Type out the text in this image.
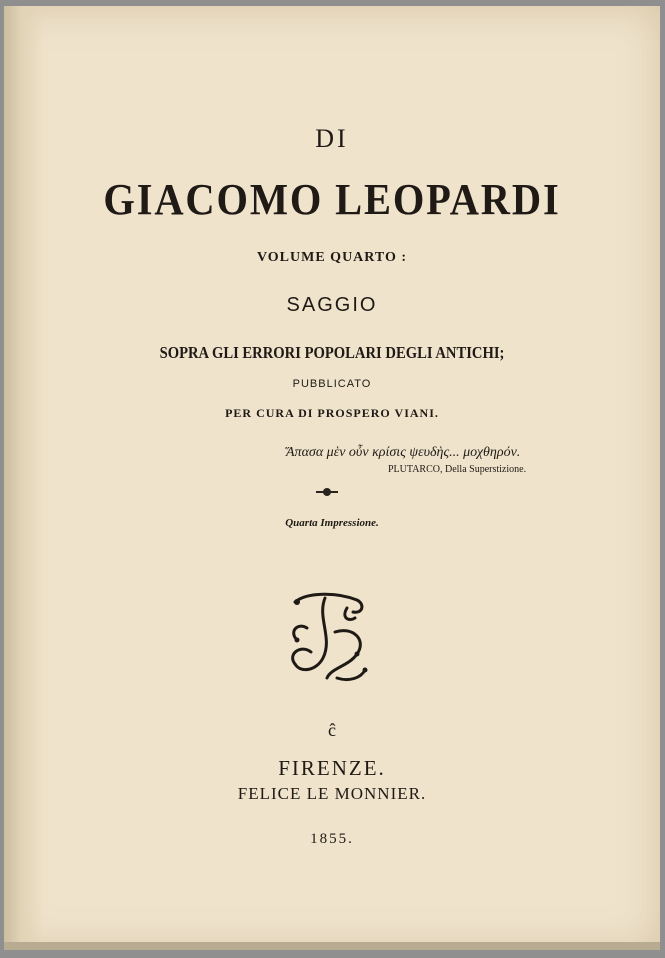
DI
GIACOMO LEOPARDI
VOLUME QUARTO :
SAGGIO
SOPRA GLI ERRORI POPOLARI DEGLI ANTICHI;
PUBBLICATO
PER CURA DI PROSPERO VIANI.
Ἅπασα μὲν οὖν κρίσις ψευδὴς... μοχθηρόν.
PLUTARCO, Della Superstizione.
Quarta Impressione.
ĉ
FIRENZE.
FELICE LE MONNIER.
1855.
